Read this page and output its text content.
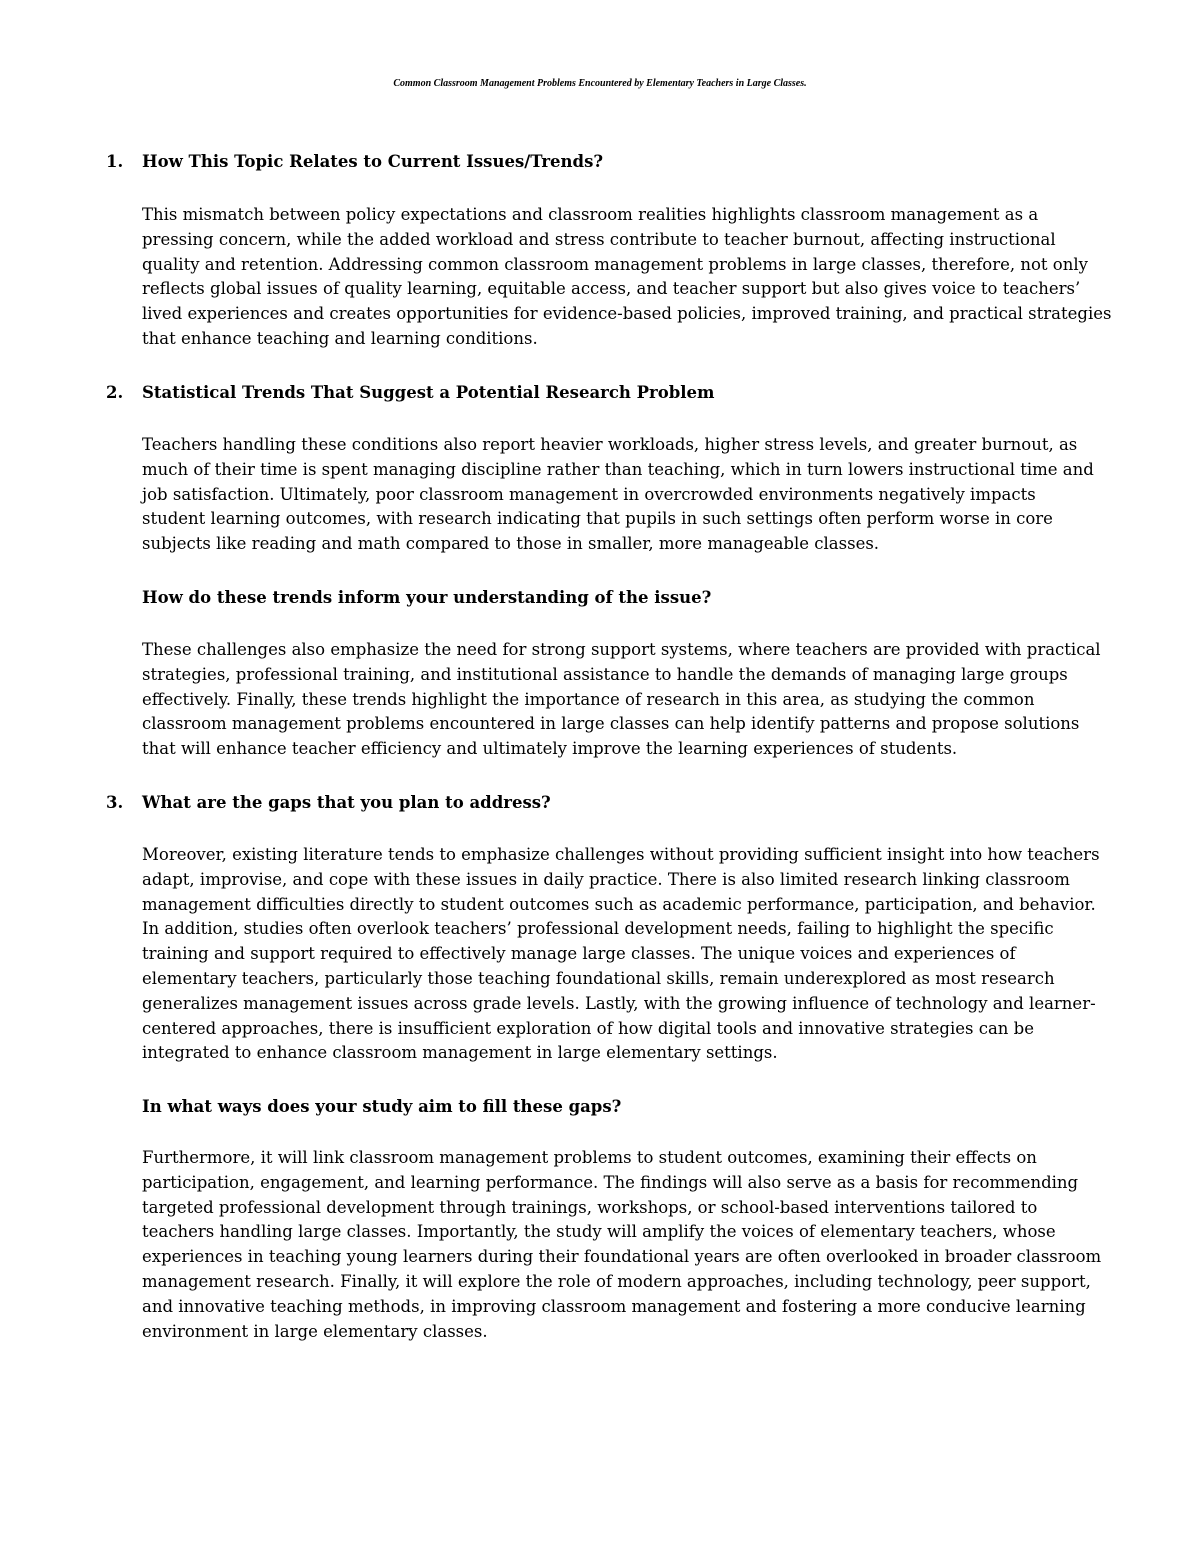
Common Classroom Management Problems Encountered by Elementary Teachers in Large Classes.
1. How This Topic Relates to Current Issues/Trends?

This mismatch between policy expectations and classroom realities highlights classroom management as a
pressing concern, while the added workload and stress contribute to teacher burnout, affecting instructional
quality and retention. Addressing common classroom management problems in large classes, therefore, not only
reflects global issues of quality learning, equitable access, and teacher support but also gives voice to teachers’
lived experiences and creates opportunities for evidence-based policies, improved training, and practical strategies
that enhance teaching and learning conditions.

2. Statistical Trends That Suggest a Potential Research Problem

Teachers handling these conditions also report heavier workloads, higher stress levels, and greater burnout, as
much of their time is spent managing discipline rather than teaching, which in turn lowers instructional time and
job satisfaction. Ultimately, poor classroom management in overcrowded environments negatively impacts
student learning outcomes, with research indicating that pupils in such settings often perform worse in core
subjects like reading and math compared to those in smaller, more manageable classes.

How do these trends inform your understanding of the issue?

These challenges also emphasize the need for strong support systems, where teachers are provided with practical
strategies, professional training, and institutional assistance to handle the demands of managing large groups
effectively. Finally, these trends highlight the importance of research in this area, as studying the common
classroom management problems encountered in large classes can help identify patterns and propose solutions
that will enhance teacher efficiency and ultimately improve the learning experiences of students.

3. What are the gaps that you plan to address?

Moreover, existing literature tends to emphasize challenges without providing sufficient insight into how teachers
adapt, improvise, and cope with these issues in daily practice. There is also limited research linking classroom
management difficulties directly to student outcomes such as academic performance, participation, and behavior.
In addition, studies often overlook teachers’ professional development needs, failing to highlight the specific
training and support required to effectively manage large classes. The unique voices and experiences of
elementary teachers, particularly those teaching foundational skills, remain underexplored as most research
generalizes management issues across grade levels. Lastly, with the growing influence of technology and learner-
centered approaches, there is insufficient exploration of how digital tools and innovative strategies can be
integrated to enhance classroom management in large elementary settings.

In what ways does your study aim to fill these gaps?

Furthermore, it will link classroom management problems to student outcomes, examining their effects on
participation, engagement, and learning performance. The findings will also serve as a basis for recommending
targeted professional development through trainings, workshops, or school-based interventions tailored to
teachers handling large classes. Importantly, the study will amplify the voices of elementary teachers, whose
experiences in teaching young learners during their foundational years are often overlooked in broader classroom
management research. Finally, it will explore the role of modern approaches, including technology, peer support,
and innovative teaching methods, in improving classroom management and fostering a more conducive learning
environment in large elementary classes.
